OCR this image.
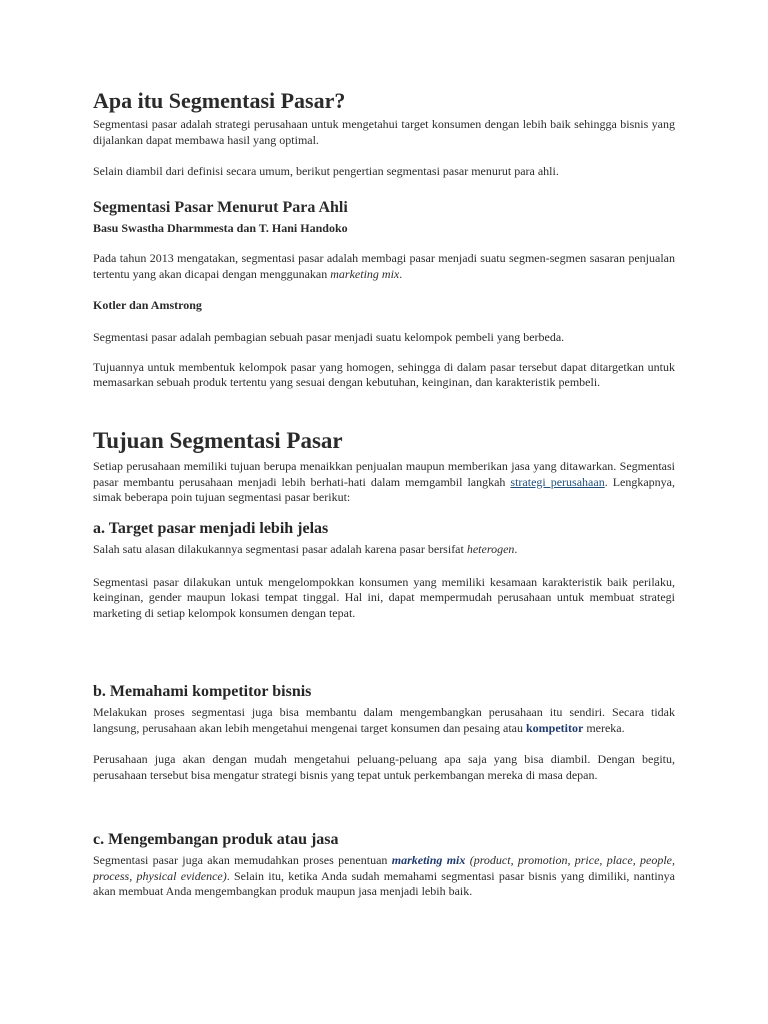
Apa itu Segmentasi Pasar?

Segmentasi pasar adalah strategi perusahaan untuk mengetahui target konsumen dengan lebih baik sehingga bisnis yang dijalankan dapat membawa hasil yang optimal.

Selain diambil dari definisi secara umum, berikut pengertian segmentasi pasar menurut para ahli.

Segmentasi Pasar Menurut Para Ahli
Basu Swastha Dharmmesta dan T. Hani Handoko

Pada tahun 2013 mengatakan, segmentasi pasar adalah membagi pasar menjadi suatu segmen-segmen sasaran penjualan tertentu yang akan dicapai dengan menggunakan marketing mix.

Kotler dan Amstrong

Segmentasi pasar adalah pembagian sebuah pasar menjadi suatu kelompok pembeli yang berbeda.

Tujuannya untuk membentuk kelompok pasar yang homogen, sehingga di dalam pasar tersebut dapat ditargetkan untuk memasarkan sebuah produk tertentu yang sesuai dengan kebutuhan, keinginan, dan karakteristik pembeli.

Tujuan Segmentasi Pasar

Setiap perusahaan memiliki tujuan berupa menaikkan penjualan maupun memberikan jasa yang ditawarkan. Segmentasi pasar membantu perusahaan menjadi lebih berhati-hati dalam memgambil langkah strategi perusahaan. Lengkapnya, simak beberapa poin tujuan segmentasi pasar berikut:

a. Target pasar menjadi lebih jelas

Salah satu alasan dilakukannya segmentasi pasar adalah karena pasar bersifat heterogen.

Segmentasi pasar dilakukan untuk mengelompokkan konsumen yang memiliki kesamaan karakteristik baik perilaku, keinginan, gender maupun lokasi tempat tinggal. Hal ini, dapat mempermudah perusahaan untuk membuat strategi marketing di setiap kelompok konsumen dengan tepat.

b. Memahami kompetitor bisnis

Melakukan proses segmentasi juga bisa membantu dalam mengembangkan perusahaan itu sendiri. Secara tidak langsung, perusahaan akan lebih mengetahui mengenai target konsumen dan pesaing atau kompetitor mereka.

Perusahaan juga akan dengan mudah mengetahui peluang-peluang apa saja yang bisa diambil. Dengan begitu, perusahaan tersebut bisa mengatur strategi bisnis yang tepat untuk perkembangan mereka di masa depan.

c. Mengembangan produk atau jasa

Segmentasi pasar juga akan memudahkan proses penentuan marketing mix (product, promotion, price, place, people, process, physical evidence). Selain itu, ketika Anda sudah memahami segmentasi pasar bisnis yang dimiliki, nantinya akan membuat Anda mengembangkan produk maupun jasa menjadi lebih baik.
